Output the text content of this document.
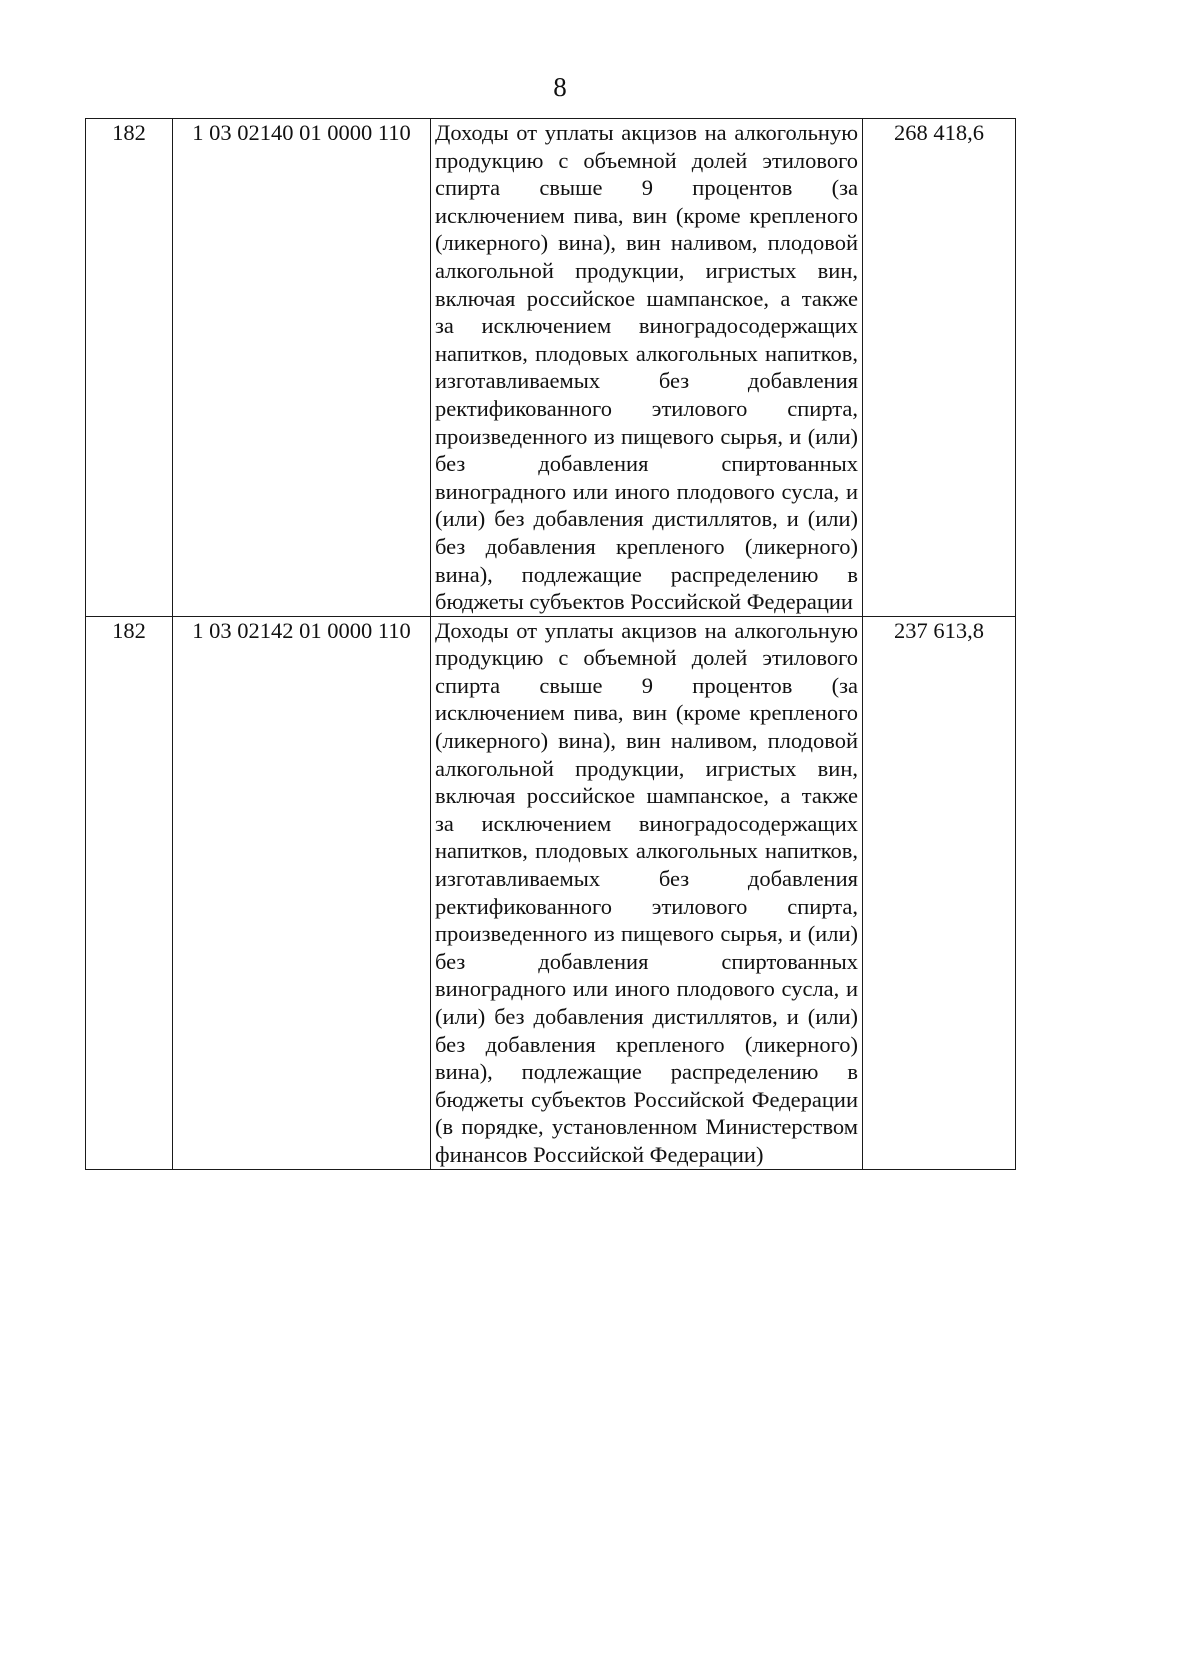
8
182	1 03 02140 01 0000 110	Доходы от уплаты акцизов на алкогольную продукцию с объемной долей этилового спирта свыше 9 процентов (за исключением пива, вин (кроме крепленого (ликерного) вина), вин наливом, плодовой алкогольной продукции, игристых вин, включая российское шампанское, а также за исключением виноградосодержащих напитков, плодовых алкогольных напитков, изготавливаемых без добавления ректификованного этилового спирта, произведенного из пищевого сырья, и (или) без добавления спиртованных виноградного или иного плодового сусла, и (или) без добавления дистиллятов, и (или) без добавления крепленого (ликерного) вина), подлежащие распределению в бюджеты субъектов Российской Федерации	268 418,6
182	1 03 02142 01 0000 110	Доходы от уплаты акцизов на алкогольную продукцию с объемной долей этилового спирта свыше 9 процентов (за исключением пива, вин (кроме крепленого (ликерного) вина), вин наливом, плодовой алкогольной продукции, игристых вин, включая российское шампанское, а также за исключением виноградосодержащих напитков, плодовых алкогольных напитков, изготавливаемых без добавления ректификованного этилового спирта, произведенного из пищевого сырья, и (или) без добавления спиртованных виноградного или иного плодового сусла, и (или) без добавления дистиллятов, и (или) без добавления крепленого (ликерного) вина), подлежащие распределению в бюджеты субъектов Российской Федерации (в порядке, установленном Министерством финансов Российской Федерации)	237 613,8
